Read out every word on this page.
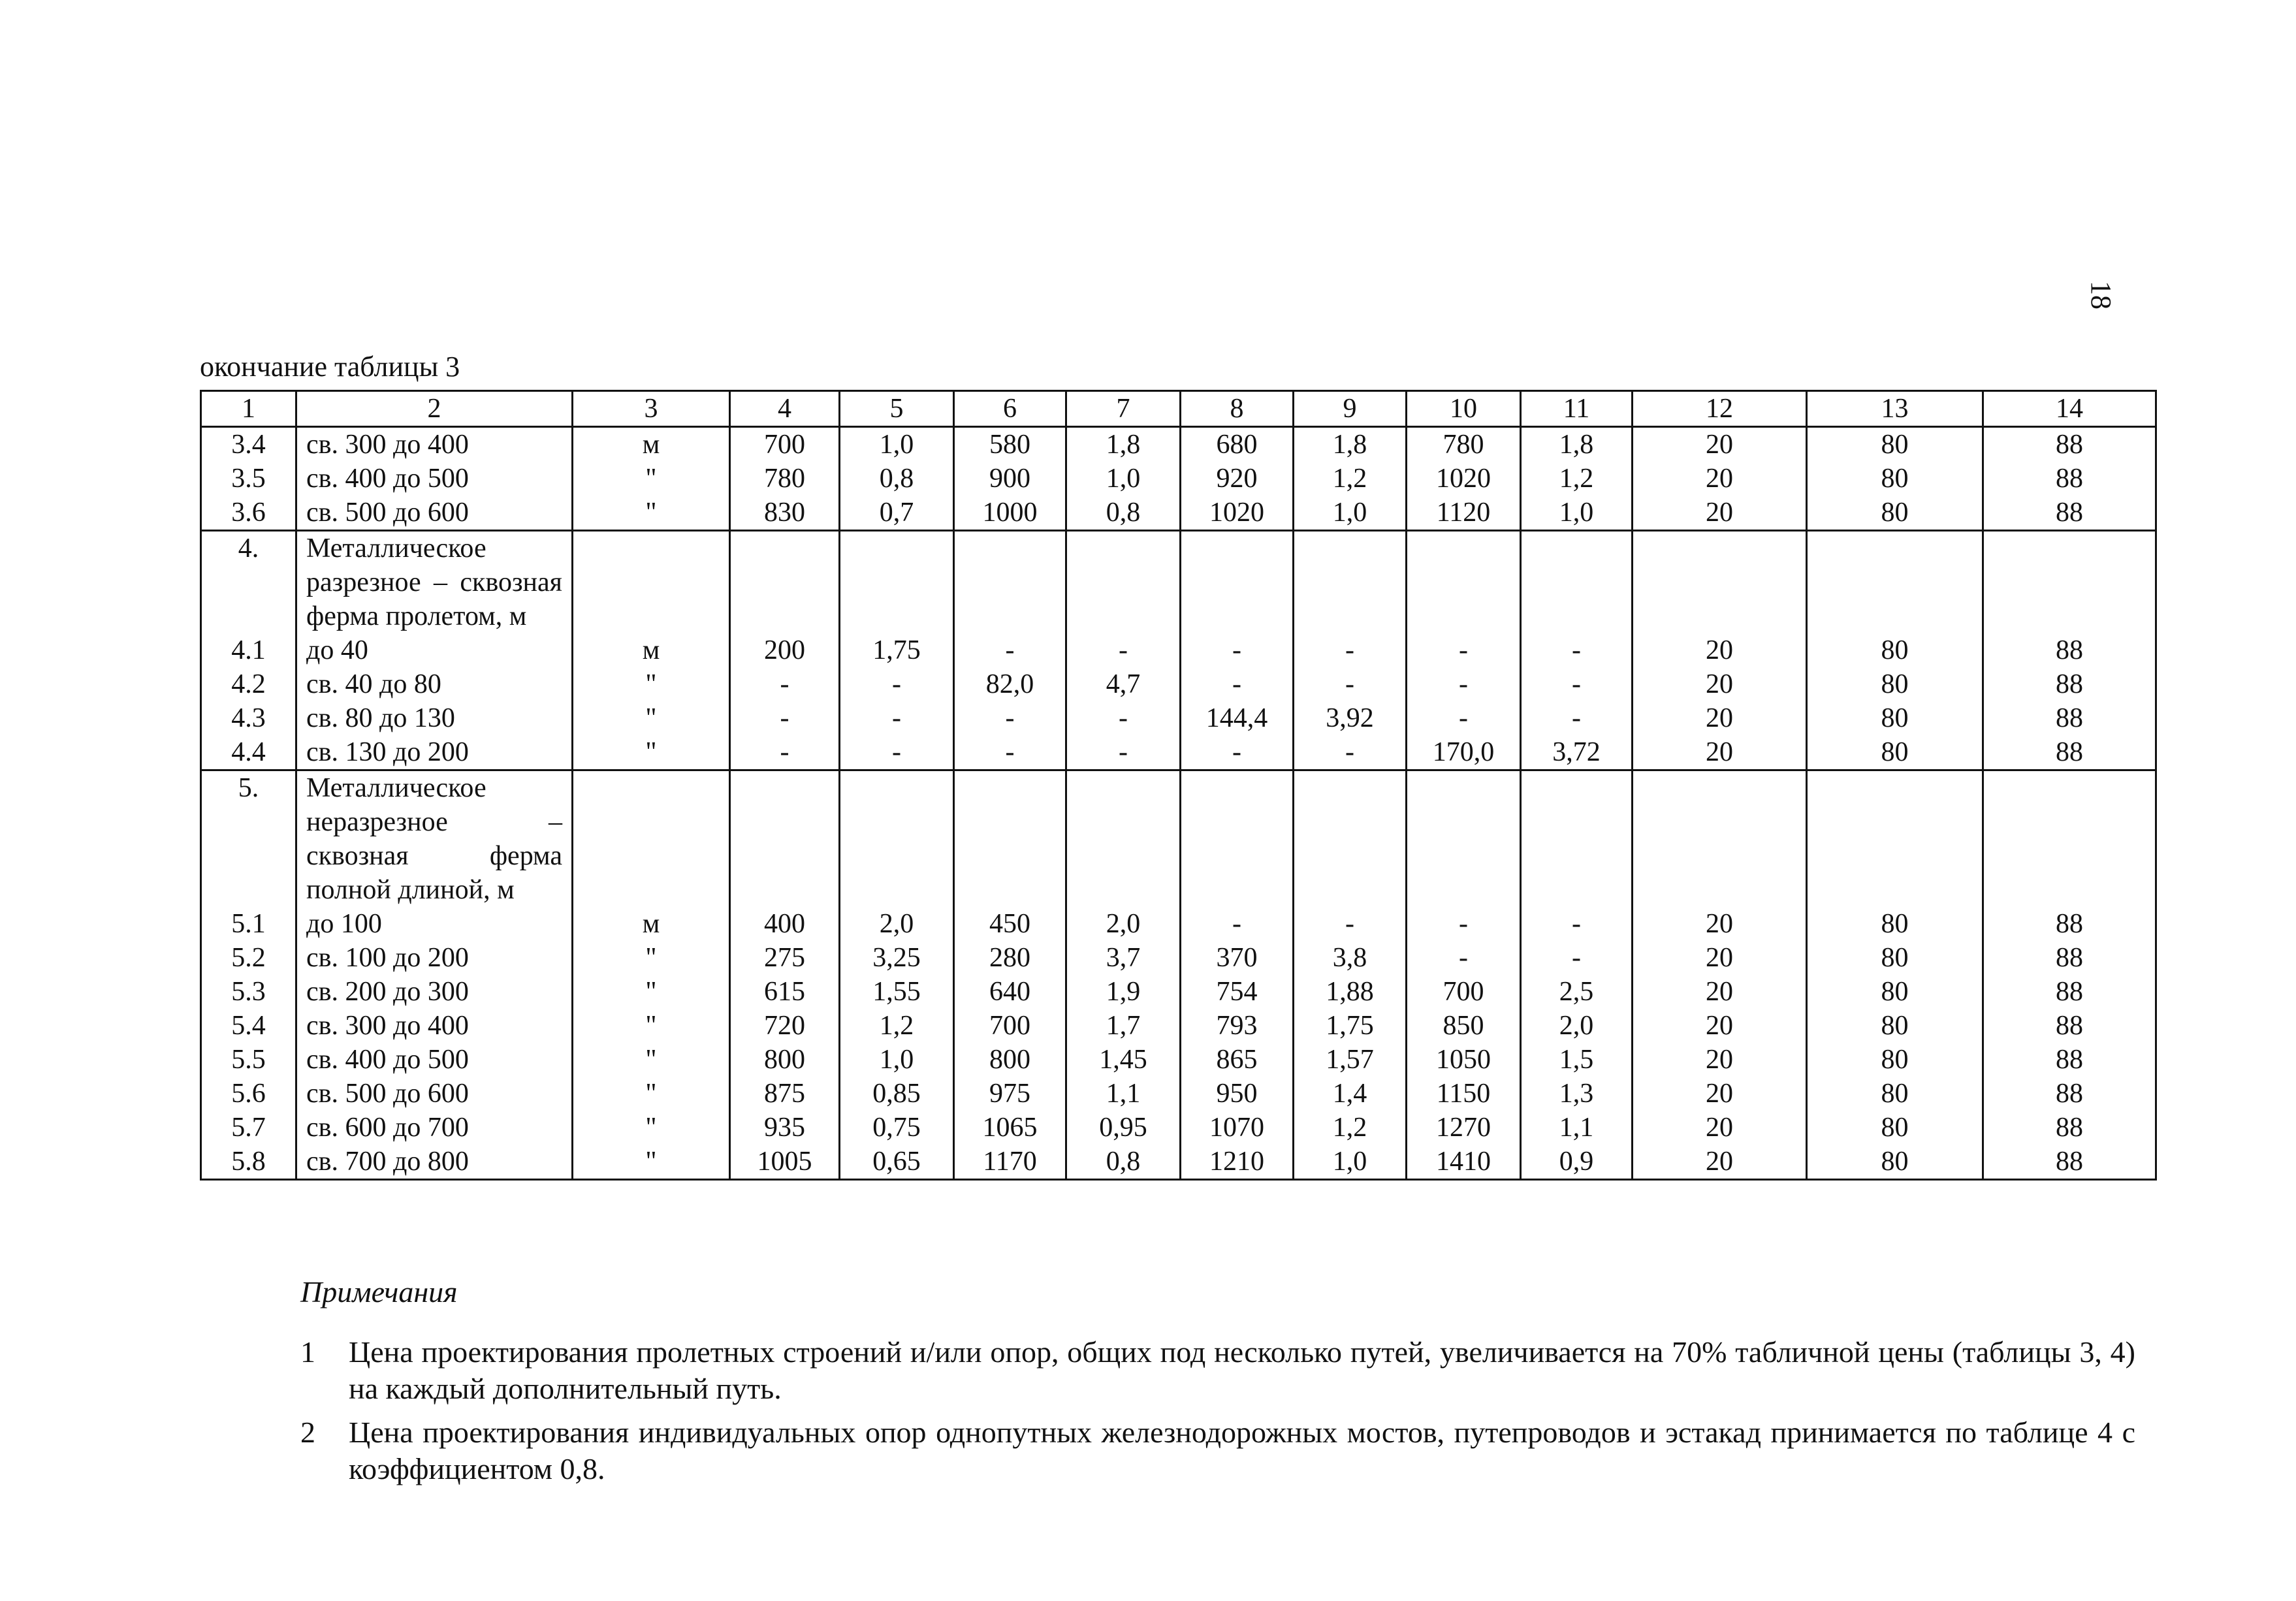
18
окончание таблицы 3
1	2	3	4	5	6	7	8	9	10	11	12	13	14
3.4	св. 300 до 400	м	700	1,0	580	1,8	680	1,8	780	1,8	20	80	88
3.5	св. 400 до 500	"	780	0,8	900	1,0	920	1,2	1020	1,2	20	80	88
3.6	св. 500 до 600	"	830	0,7	1000	0,8	1020	1,0	1120	1,0	20	80	88
4.	Металлическое разрезное – сквозная ферма пролетом, м												
4.1	до 40	м	200	1,75	-	-	-	-	-	-	20	80	88
4.2	св. 40 до 80	"	-	-	82,0	4,7	-	-	-	-	20	80	88
4.3	св. 80 до 130	"	-	-	-	-	144,4	3,92	-	-	20	80	88
4.4	св. 130 до 200	"	-	-	-	-	-	-	170,0	3,72	20	80	88
5.	Металлическое неразрезное – сквозная ферма полной длиной, м												
5.1	до 100	м	400	2,0	450	2,0	-	-	-	-	20	80	88
5.2	св. 100 до 200	"	275	3,25	280	3,7	370	3,8	-	-	20	80	88
5.3	св. 200 до 300	"	615	1,55	640	1,9	754	1,88	700	2,5	20	80	88
5.4	св. 300 до 400	"	720	1,2	700	1,7	793	1,75	850	2,0	20	80	88
5.5	св. 400 до 500	"	800	1,0	800	1,45	865	1,57	1050	1,5	20	80	88
5.6	св. 500 до 600	"	875	0,85	975	1,1	950	1,4	1150	1,3	20	80	88
5.7	св. 600 до 700	"	935	0,75	1065	0,95	1070	1,2	1270	1,1	20	80	88
5.8	св. 700 до 800	"	1005	0,65	1170	0,8	1210	1,0	1410	0,9	20	80	88
Примечания
1 Цена проектирования пролетных строений и/или опор, общих под несколько путей, увеличивается на 70% табличной цены (таблицы 3, 4) на каждый дополнительный путь.
2 Цена проектирования индивидуальных опор однопутных железнодорожных мостов, путепроводов и эстакад принимается по таблице 4 с коэффициентом 0,8.
